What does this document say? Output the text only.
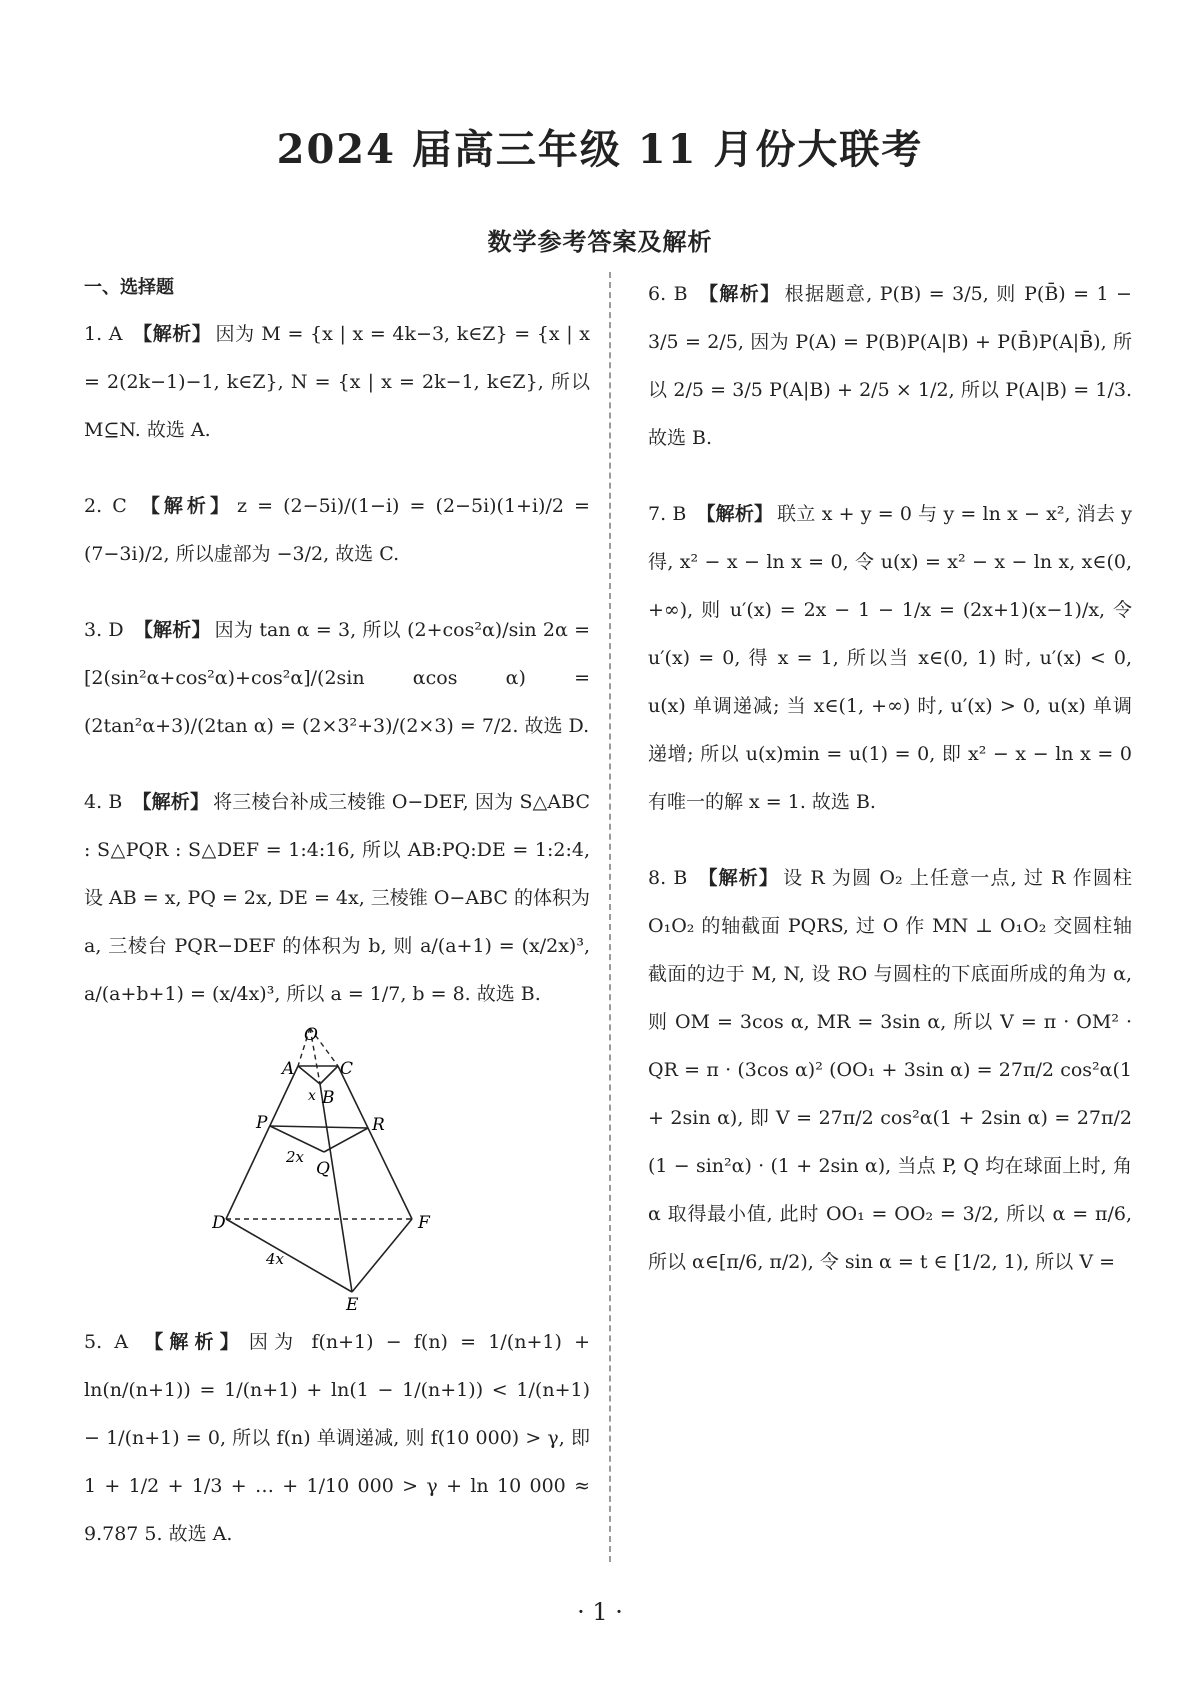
2024 届高三年级 11 月份大联考
数学参考答案及解析
一、选择题

1. A 【解析】 因为 M = {x | x = 4k−3, k∈Z} = {x | x = 2(2k−1)−1, k∈Z}, N = {x | x = 2k−1, k∈Z}, 所以 M⊆N. 故选 A.

2. C 【解析】 z = (2−5i)/(1−i) = (2−5i)(1+i)/2 = (7−3i)/2, 所以虚部为 −3/2, 故选 C.

3. D 【解析】 因为 tan α = 3, 所以 (2+cos²α)/sin 2α = [2(sin²α+cos²α)+cos²α]/(2sin αcos α) = (2tan²α+3)/(2tan α) = (2×3²+3)/(2×3) = 7/2. 故选 D.

4. B 【解析】 将三棱台补成三棱锥 O−DEF, 因为 S△ABC : S△PQR : S△DEF = 1:4:16, 所以 AB:PQ:DE = 1:2:4, 设 AB = x, PQ = 2x, DE = 4x, 三棱锥 O−ABC 的体积为 a, 三棱台 PQR−DEF 的体积为 b, 则 a/(a+1) = (x/2x)³, a/(a+b+1) = (x/4x)³, 所以 a = 1/7, b = 8. 故选 B.

O
A	C
B
x
P	R
2x
Q
D	F
4x
E

5. A 【解析】 因为 f(n+1) − f(n) = 1/(n+1) + ln(n/(n+1)) = 1/(n+1) + ln(1 − 1/(n+1)) < 1/(n+1) − 1/(n+1) = 0, 所以 f(n) 单调递减, 则 f(10 000) > γ, 即 1 + 1/2 + 1/3 + … + 1/10 000 > γ + ln 10 000 ≈ 9.787 5. 故选 A.

6. B 【解析】 根据题意, P(B) = 3/5, 则 P(B̄) = 1 − 3/5 = 2/5, 因为 P(A) = P(B)P(A|B) + P(B̄)P(A|B̄), 所以 2/5 = 3/5 P(A|B) + 2/5 × 1/2, 所以 P(A|B) = 1/3. 故选 B.

7. B 【解析】 联立 x + y = 0 与 y = ln x − x², 消去 y 得, x² − x − ln x = 0, 令 u(x) = x² − x − ln x, x∈(0, +∞), 则 u′(x) = 2x − 1 − 1/x = (2x+1)(x−1)/x, 令 u′(x) = 0, 得 x = 1, 所以当 x∈(0, 1) 时, u′(x) < 0, u(x) 单调递减; 当 x∈(1, +∞) 时, u′(x) > 0, u(x) 单调递增; 所以 u(x)min = u(1) = 0, 即 x² − x − ln x = 0 有唯一的解 x = 1. 故选 B.

8. B 【解析】 设 R 为圆 O₂ 上任意一点, 过 R 作圆柱 O₁O₂ 的轴截面 PQRS, 过 O 作 MN ⊥ O₁O₂ 交圆柱轴截面的边于 M, N, 设 RO 与圆柱的下底面所成的角为 α, 则 OM = 3cos α, MR = 3sin α, 所以 V = π · OM² · QR = π · (3cos α)² (OO₁ + 3sin α) = 27π/2 cos²α(1 + 2sin α), 即 V = 27π/2 cos²α(1 + 2sin α) = 27π/2 (1 − sin²α) · (1 + 2sin α), 当点 P, Q 均在球面上时, 角 α 取得最小值, 此时 OO₁ = OO₂ = 3/2, 所以 α = π/6, 所以 α∈[π/6, π/2), 令 sin α = t ∈ [1/2, 1), 所以 V =

· 1 ·
